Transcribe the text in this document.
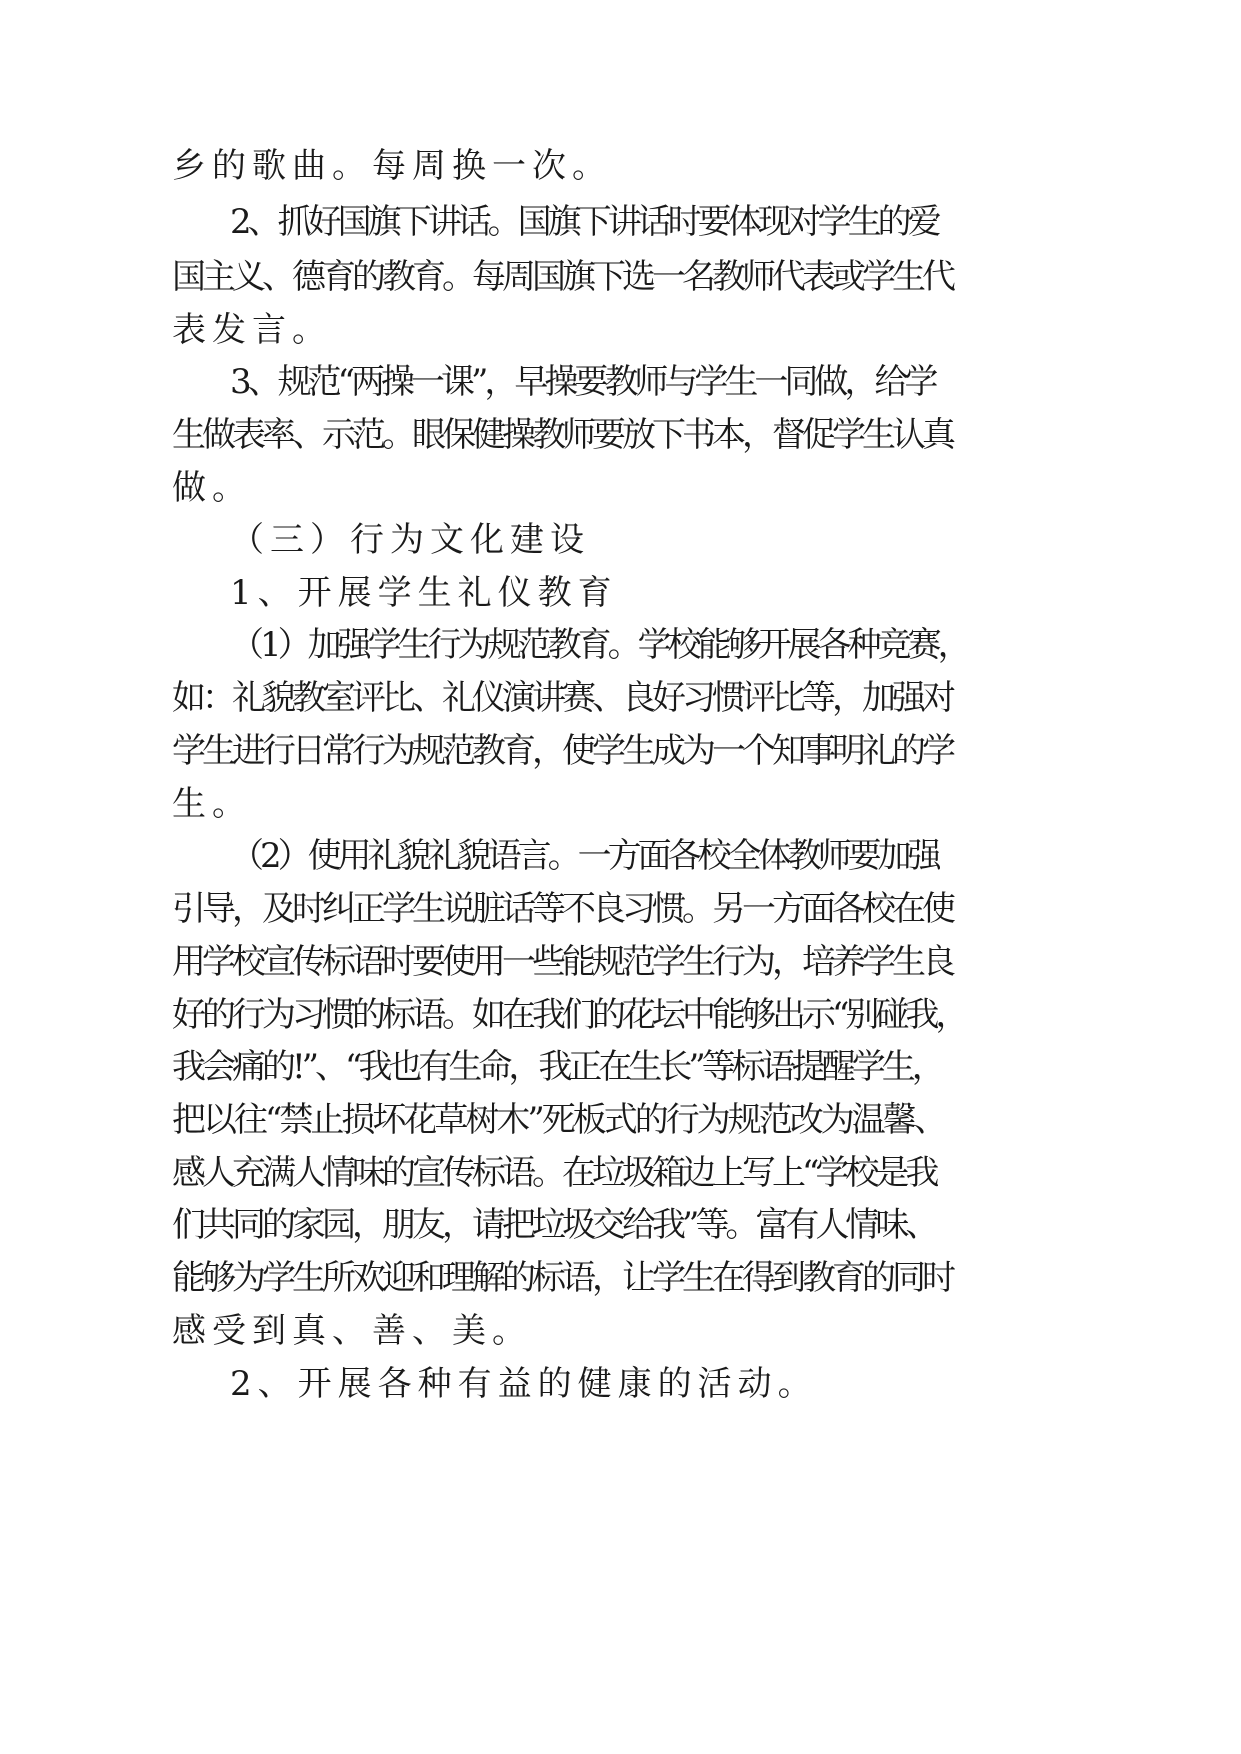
乡的歌曲。每周换一次。
2、抓好国旗下讲话。国旗下讲话时要体现对学生的爱
国主义、德育的教育。每周国旗下选一名教师代表或学生代
表发言。
3、规范“两操一课”，早操要教师与学生一同做，给学
生做表率、示范。眼保健操教师要放下书本，督促学生认真
做。
（三）行为文化建设
1、开展学生礼仪教育
（1）加强学生行为规范教育。学校能够开展各种竞赛，
如：礼貌教室评比、礼仪演讲赛、良好习惯评比等，加强对
学生进行日常行为规范教育，使学生成为一个知事明礼的学
生。
（2）使用礼貌礼貌语言。一方面各校全体教师要加强
引导，及时纠正学生说脏话等不良习惯。另一方面各校在使
用学校宣传标语时要使用一些能规范学生行为，培养学生良
好的行为习惯的标语。如在我们的花坛中能够出示“别碰我，
我会痛的!”、“我也有生命，我正在生长”等标语提醒学生，
把以往“禁止损坏花草树木”死板式的行为规范改为温馨、
感人充满人情味的宣传标语。在垃圾箱边上写上“学校是我
们共同的家园，朋友，请把垃圾交给我”等。富有人情味、
能够为学生所欢迎和理解的标语，让学生在得到教育的同时
感受到真、善、美。
2、开展各种有益的健康的活动。
